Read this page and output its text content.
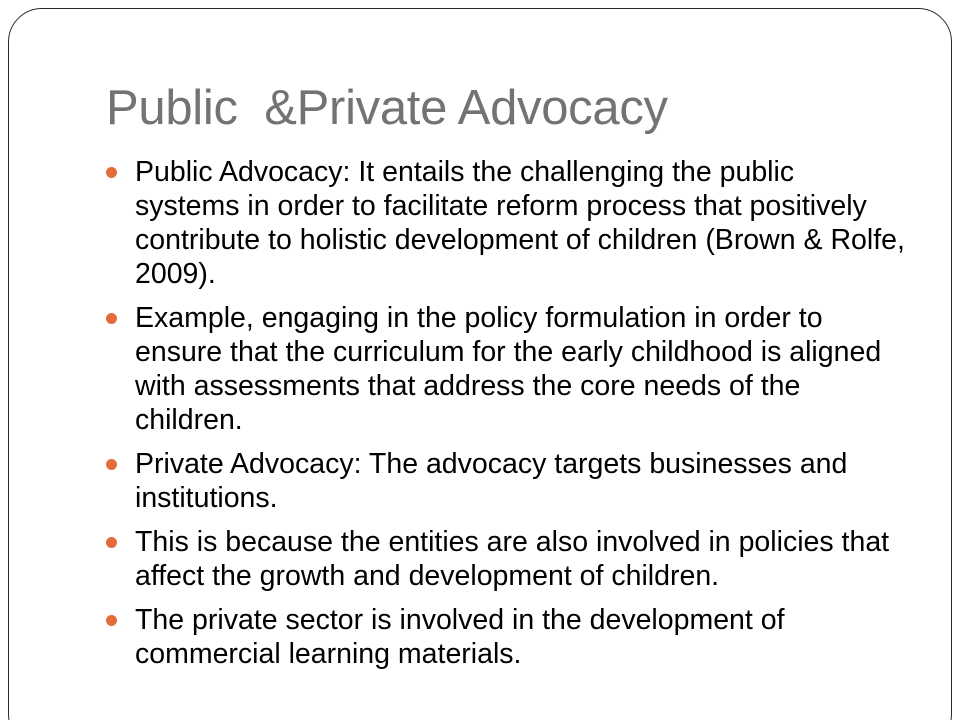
Public  &Private Advocacy
Public Advocacy: It entails the challenging the public systems in order to facilitate reform process that positively contribute to holistic development of children (Brown & Rolfe, 2009).
Example, engaging in the policy formulation in order to ensure that the curriculum for the early childhood is aligned with assessments that address the core needs of the children.
Private Advocacy: The advocacy targets businesses and institutions.
This is because the entities are also involved in policies that affect the growth and development of children.
The private sector is involved in the development of commercial learning materials.
